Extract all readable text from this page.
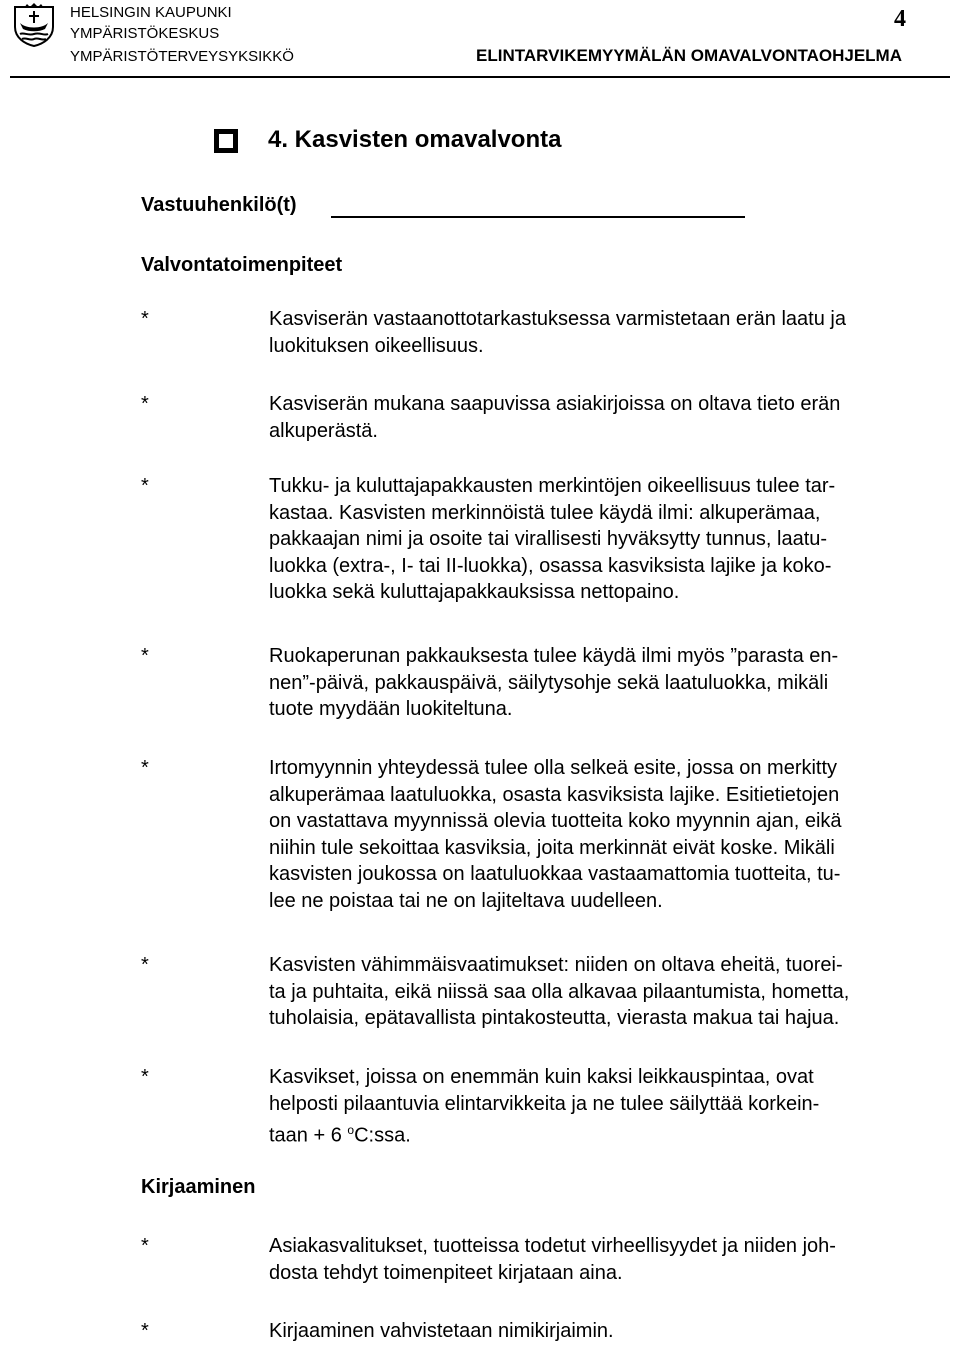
HELSINGIN KAUPUNKI
YMPÄRISTÖKESKUS
YMPÄRISTÖTERVEYSYKSIKKÖ
4
ELINTARVIKEMYYMÄLÄN OMAVALVONTAOHJELMA
4. Kasvisten omavalvonta
Vastuuhenkilö(t)
Valvontatoimenpiteet
*	Kasviserän vastaanottotarkastuksessa varmistetaan erän laatu ja
luokituksen oikeellisuus.
*	Kasviserän mukana saapuvissa asiakirjoissa on oltava tieto erän
alkuperästä.
*	Tukku- ja kuluttajapakkausten merkintöjen oikeellisuus tulee tar-
kastaa. Kasvisten merkinnöistä tulee käydä ilmi: alkuperämaa,
pakkaajan nimi ja osoite tai virallisesti hyväksytty tunnus, laatu-
luokka (extra-, I- tai II-luokka), osassa kasviksista lajike ja koko-
luokka sekä kuluttajapakkauksissa nettopaino.
*	Ruokaperunan pakkauksesta tulee käydä ilmi myös ”parasta en-
nen”-päivä, pakkauspäivä, säilytysohje sekä laatuluokka, mikäli
tuote myydään luokiteltuna.
*	Irtomyynnin yhteydessä tulee olla selkeä esite, jossa on merkitty
alkuperämaa laatuluokka, osasta kasviksista lajike. Esitietietojen
on vastattava myynnissä olevia tuotteita koko myynnin ajan, eikä
niihin tule sekoittaa kasviksia, joita merkinnät eivät koske. Mikäli
kasvisten joukossa on laatuluokkaa vastaamattomia tuotteita, tu-
lee ne poistaa tai ne on lajiteltava uudelleen.
*	Kasvisten vähimmäisvaatimukset: niiden on oltava eheitä, tuorei-
ta ja puhtaita, eikä niissä saa olla alkavaa pilaantumista, hometta,
tuholaisia, epätavallista pintakosteutta, vierasta makua tai hajua.
*	Kasvikset, joissa on enemmän kuin kaksi leikkauspintaa, ovat
helposti pilaantuvia elintarvikkeita ja ne tulee säilyttää korkein-
taan + 6 $^o$C:ssa.
Kirjaaminen
*	Asiakasvalitukset, tuotteissa todetut virheellisyydet ja niiden joh-
dosta tehdyt toimenpiteet kirjataan aina.
*	Kirjaaminen vahvistetaan nimikirjaimin.
